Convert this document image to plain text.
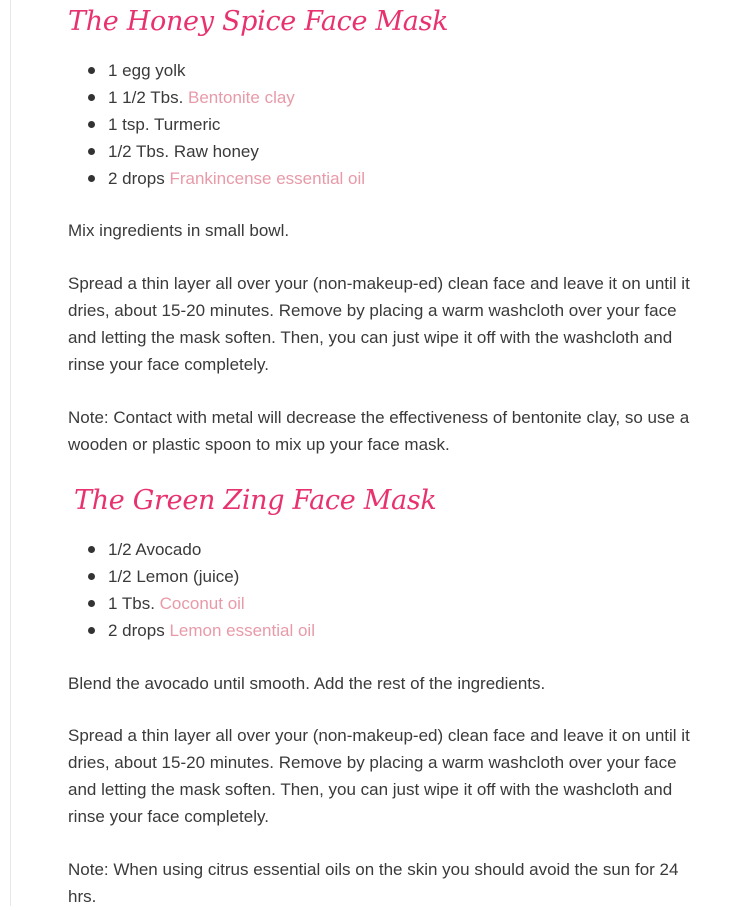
The Honey Spice Face Mask
1 egg yolk
1 1/2 Tbs. Bentonite clay
1 tsp. Turmeric
1/2 Tbs. Raw honey
2 drops Frankincense essential oil

Mix ingredients in small bowl.

Spread a thin layer all over your (non-makeup-ed) clean face and leave it on until it dries, about 15-20 minutes. Remove by placing a warm washcloth over your face and letting the mask soften. Then, you can just wipe it off with the washcloth and rinse your face completely.

Note: Contact with metal will decrease the effectiveness of bentonite clay, so use a wooden or plastic spoon to mix up your face mask.

The Green Zing Face Mask
1/2 Avocado
1/2 Lemon (juice)
1 Tbs. Coconut oil
2 drops Lemon essential oil

Blend the avocado until smooth. Add the rest of the ingredients.

Spread a thin layer all over your (non-makeup-ed) clean face and leave it on until it dries, about 15-20 minutes. Remove by placing a warm washcloth over your face and letting the mask soften. Then, you can just wipe it off with the washcloth and rinse your face completely.

Note: When using citrus essential oils on the skin you should avoid the sun for 24 hrs.
